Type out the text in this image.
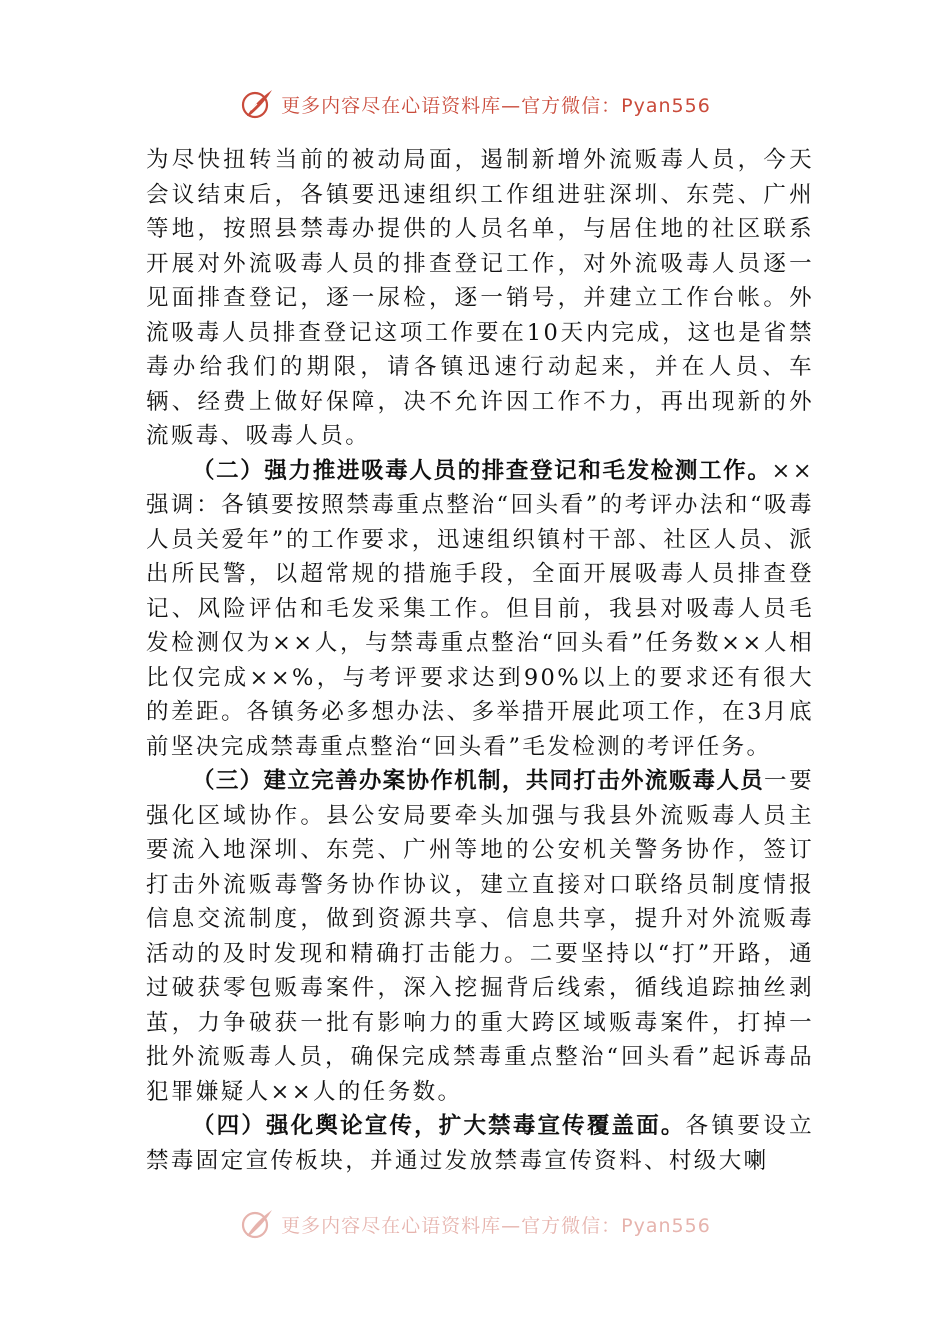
更多内容尽在心语资料库—官方微信：Pyan556

为尽快扭转当前的被动局面，遏制新增外流贩毒人员，今天会议结束后，各镇要迅速组织工作组进驻深圳、东莞、广州等地，按照县禁毒办提供的人员名单，与居住地的社区联系开展对外流吸毒人员的排查登记工作，对外流吸毒人员逐一见面排查登记，逐一尿检，逐一销号，并建立工作台帐。外流吸毒人员排查登记这项工作要在10天内完成，这也是省禁毒办给我们的期限，请各镇迅速行动起来，并在人员、车辆、经费上做好保障，决不允许因工作不力，再出现新的外流贩毒、吸毒人员。

（二）强力推进吸毒人员的排查登记和毛发检测工作。××强调：各镇要按照禁毒重点整治“回头看”的考评办法和“吸毒人员关爱年”的工作要求，迅速组织镇村干部、社区人员、派出所民警，以超常规的措施手段，全面开展吸毒人员排查登记、风险评估和毛发采集工作。但目前，我县对吸毒人员毛发检测仅为××人，与禁毒重点整治“回头看”任务数××人相比仅完成××%，与考评要求达到90%以上的要求还有很大的差距。各镇务必多想办法、多举措开展此项工作，在3月底前坚决完成禁毒重点整治“回头看”毛发检测的考评任务。

（三）建立完善办案协作机制，共同打击外流贩毒人员一要强化区域协作。县公安局要牵头加强与我县外流贩毒人员主要流入地深圳、东莞、广州等地的公安机关警务协作，签订打击外流贩毒警务协作协议，建立直接对口联络员制度情报信息交流制度，做到资源共享、信息共享，提升对外流贩毒活动的及时发现和精确打击能力。二要坚持以“打”开路，通过破获零包贩毒案件，深入挖掘背后线索，循线追踪抽丝剥茧，力争破获一批有影响力的重大跨区域贩毒案件，打掉一批外流贩毒人员，确保完成禁毒重点整治“回头看”起诉毒品犯罪嫌疑人××人的任务数。

（四）强化舆论宣传，扩大禁毒宣传覆盖面。各镇要设立禁毒固定宣传板块，并通过发放禁毒宣传资料、村级大喇

更多内容尽在心语资料库—官方微信：Pyan556
